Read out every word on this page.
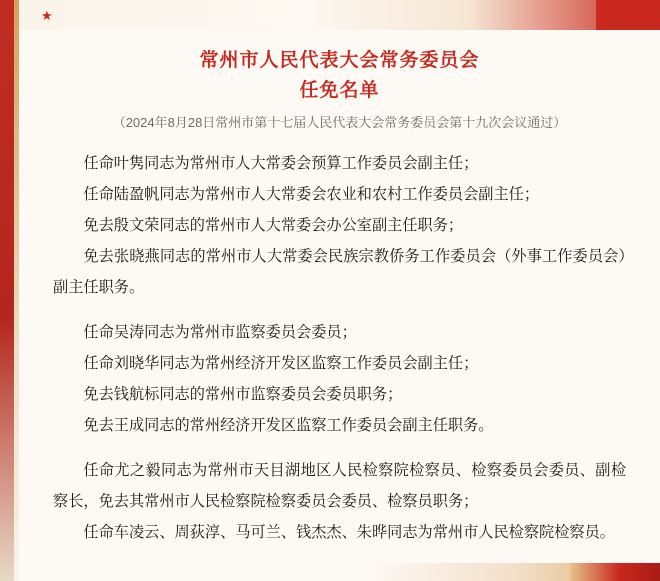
★
常州市人民代表大会常务委员会
任免名单
（2024年8月28日常州市第十七届人民代表大会常务委员会第十九次会议通过）

任命叶隽同志为常州市人大常委会预算工作委员会副主任；

任命陆盈帆同志为常州市人大常委会农业和农村工作委员会副主任；

免去殷文荣同志的常州市人大常委会办公室副主任职务；

免去张晓燕同志的常州市人大常委会民族宗教侨务工作委员会（外事工作委员会）副主任职务。

任命吴涛同志为常州市监察委员会委员；

任命刘晓华同志为常州经济开发区监察工作委员会副主任；

免去钱航标同志的常州市监察委员会委员职务；

免去王成同志的常州经济开发区监察工作委员会副主任职务。

任命尤之毅同志为常州市天目湖地区人民检察院检察员、检察委员会委员、副检察长，免去其常州市人民检察院检察委员会委员、检察员职务；

任命车凌云、周荻淳、马可兰、钱杰杰、朱晔同志为常州市人民检察院检察员。
